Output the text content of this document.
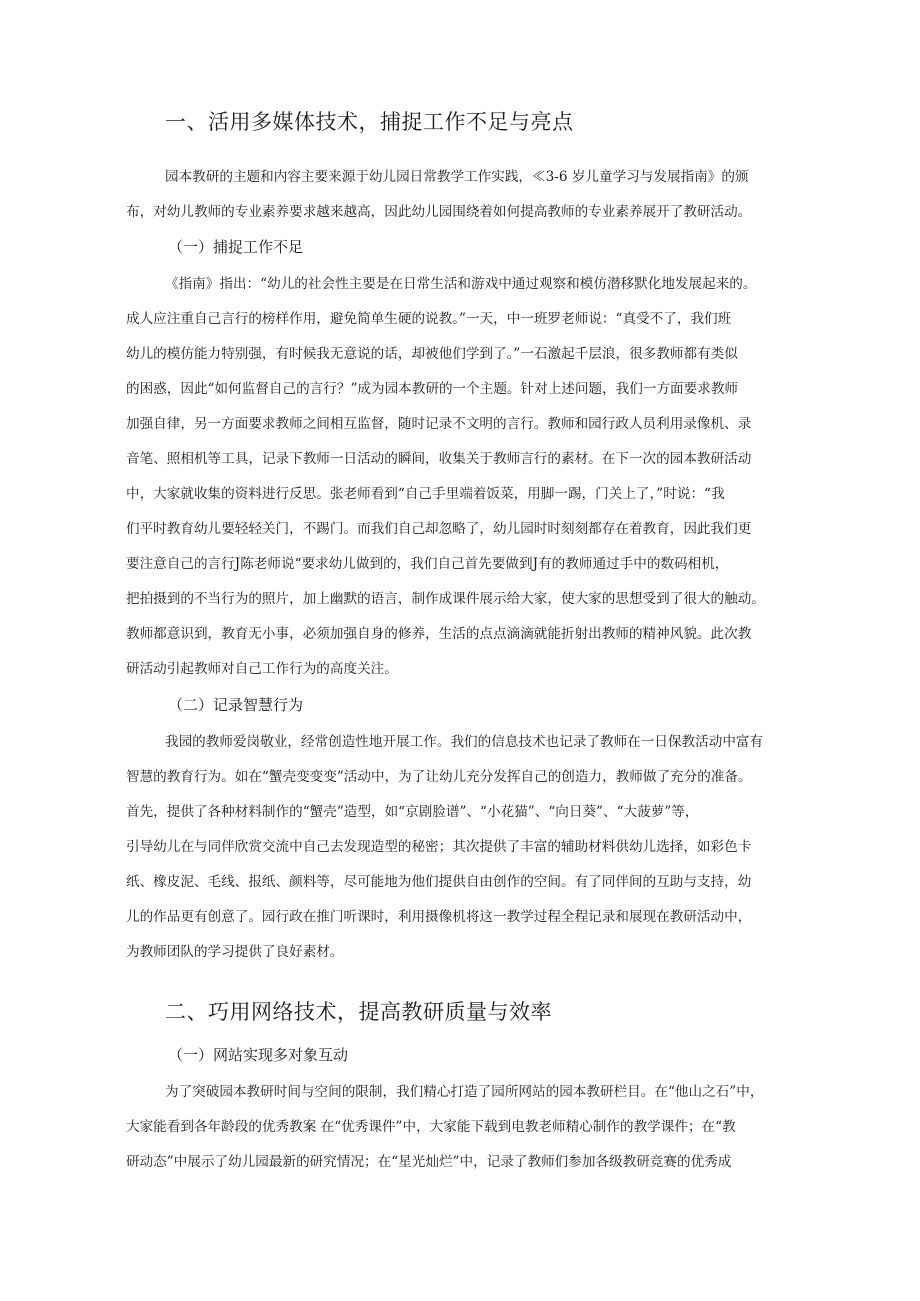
一、活用多媒体技术，捕捉工作不足与亮点
园本教研的主题和内容主要来源于幼儿园日常教学工作实践，≪3-6 岁儿童学习与发展指南》的颁
布，对幼儿教师的专业素养要求越来越高，因此幼儿园围绕着如何提高教师的专业素养展开了教研活动。
（一）捕捉工作不足
《指南》指出：“幼儿的社会性主要是在日常生活和游戏中通过观察和模仿潜移默化地发展起来的。
成人应注重自己言行的榜样作用，避免简单生硬的说教。”一天，中一班罗老师说：“真受不了，我们班
幼儿的模仿能力特别强，有时候我无意说的话，却被他们学到了。”一石激起千层浪，很多教师都有类似
的困惑，因此“如何监督自己的言行？”成为园本教研的一个主题。针对上述问题，我们一方面要求教师
加强自律，另一方面要求教师之间相互监督，随时记录不文明的言行。教师和园行政人员利用录像机、录
音笔、照相机等工具，记录下教师一日活动的瞬间，收集关于教师言行的素材。在下一次的园本教研活动
中，大家就收集的资料进行反思。张老师看到“自己手里端着饭菜，用脚一踢，门关上了，”时说：“我
们平时教育幼儿要轻轻关门，不踢门。而我们自己却忽略了，幼儿园时时刻刻都存在着教育，因此我们更
要注意自己的言行J陈老师说“要求幼儿做到的，我们自己首先要做到J有的教师通过手中的数码相机，
把拍摄到的不当行为的照片，加上幽默的语言，制作成课件展示给大家，使大家的思想受到了很大的触动。
教师都意识到，教育无小事，必须加强自身的修养，生活的点点滴滴就能折射出教师的精神风貌。此次教
研活动引起教师对自己工作行为的高度关注。
（二）记录智慧行为
我园的教师爱岗敬业，经常创造性地开展工作。我们的信息技术也记录了教师在一日保教活动中富有
智慧的教育行为。如在“蟹壳变变变”活动中，为了让幼儿充分发挥自己的创造力，教师做了充分的准备。
首先，提供了各种材料制作的“蟹壳”造型，如“京剧脸谱”、“小花猫”、“向日葵”、“大菠萝”等，
引导幼儿在与同伴欣赏交流中自己去发现造型的秘密；其次提供了丰富的辅助材料供幼儿选择，如彩色卡
纸、橡皮泥、毛线、报纸、颜料等，尽可能地为他们提供自由创作的空间。有了同伴间的互助与支持，幼
儿的作品更有创意了。园行政在推门听课时，利用摄像机将这一教学过程全程记录和展现在教研活动中，
为教师团队的学习提供了良好素材。
二、巧用网络技术，提高教研质量与效率
（一）网站实现多对象互动
为了突破园本教研时间与空间的限制，我们精心打造了园所网站的园本教研栏目。在“他山之石”中，
大家能看到各年龄段的优秀教案 在“优秀课件”中，大家能下载到电教老师精心制作的教学课件；在“教
研动态”中展示了幼儿园最新的研究情况；在“星光灿烂”中，记录了教师们参加各级教研竞赛的优秀成
